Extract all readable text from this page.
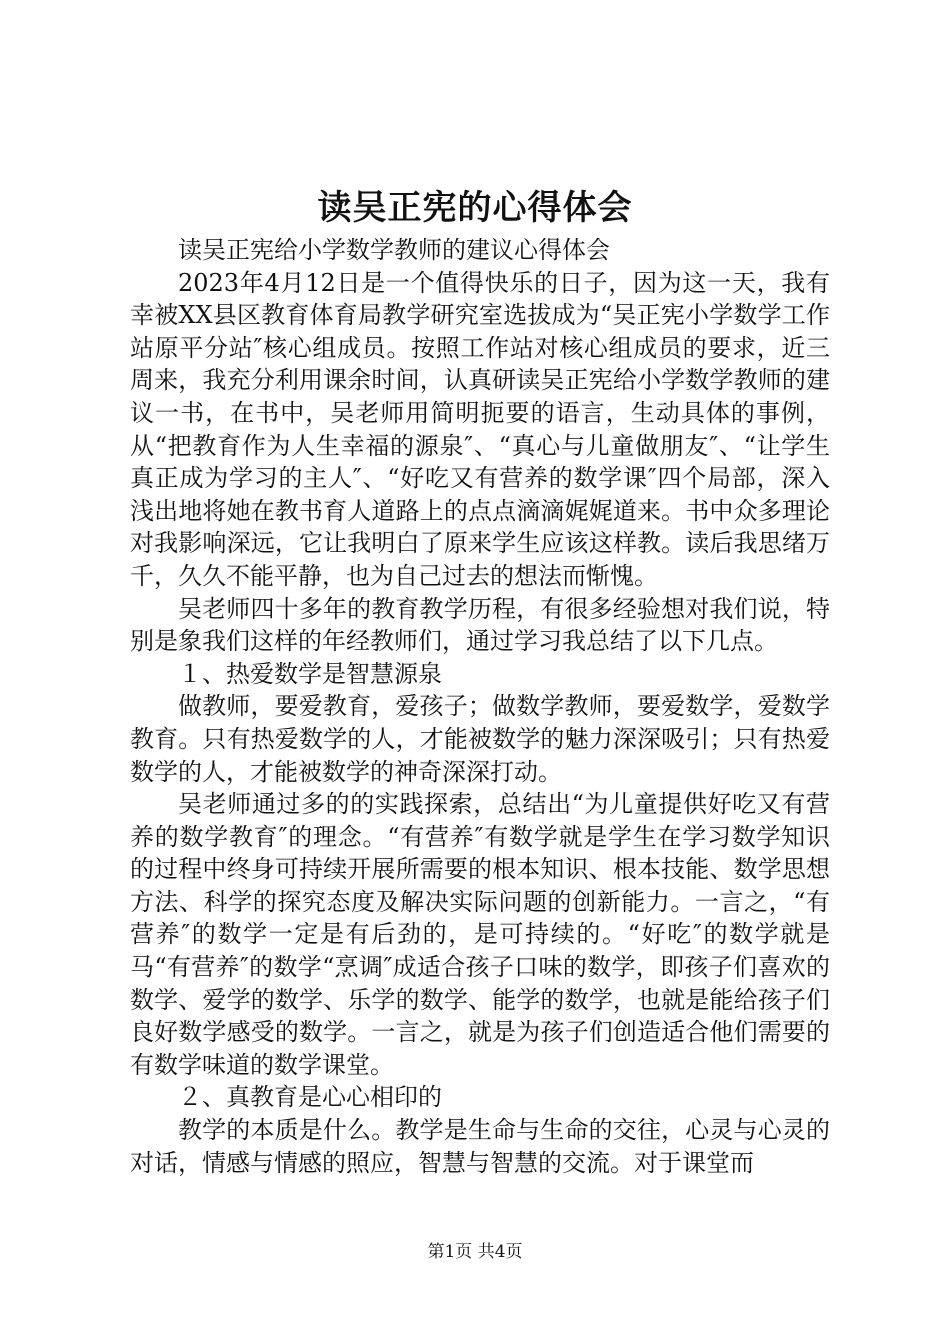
读吴正宪的心得体会

读吴正宪给小学数学教师的建议心得体会

2023年4月12日是一个值得快乐的日子，因为这一天，我有幸被XX县区教育体育局教学研究室选拔成为“吴正宪小学数学工作站原平分站″核心组成员。按照工作站对核心组成员的要求，近三周来，我充分利用课余时间，认真研读吴正宪给小学数学教师的建议一书，在书中，吴老师用简明扼要的语言，生动具体的事例，从“把教育作为人生幸福的源泉″、“真心与儿童做朋友″、“让学生真正成为学习的主人″、“好吃又有营养的数学课″四个局部，深入浅出地将她在教书育人道路上的点点滴滴娓娓道来。书中众多理论对我影响深远，它让我明白了原来学生应该这样教。读后我思绪万千，久久不能平静，也为自己过去的想法而惭愧。

吴老师四十多年的教育教学历程，有很多经验想对我们说，特别是象我们这样的年经教师们，通过学习我总结了以下几点。

１、热爱数学是智慧源泉

做教师，要爱教育，爱孩子；做数学教师，要爱数学，爱数学教育。只有热爱数学的人，才能被数学的魅力深深吸引；只有热爱数学的人，才能被数学的神奇深深打动。

吴老师通过多的的实践探索，总结出“为儿童提供好吃又有营养的数学教育″的理念。“有营养″有数学就是学生在学习数学知识的过程中终身可持续开展所需要的根本知识、根本技能、数学思想方法、科学的探究态度及解决实际问题的创新能力。一言之，“有营养″的数学一定是有后劲的，是可持续的。“好吃″的数学就是马“有营养″的数学“烹调″成适合孩子口味的数学，即孩子们喜欢的数学、爱学的数学、乐学的数学、能学的数学，也就是能给孩子们良好数学感受的数学。一言之，就是为孩子们创造适合他们需要的有数学味道的数学课堂。

２、真教育是心心相印的

教学的本质是什么。教学是生命与生命的交往，心灵与心灵的对话，情感与情感的照应，智慧与智慧的交流。对于课堂而

第1页 共4页
